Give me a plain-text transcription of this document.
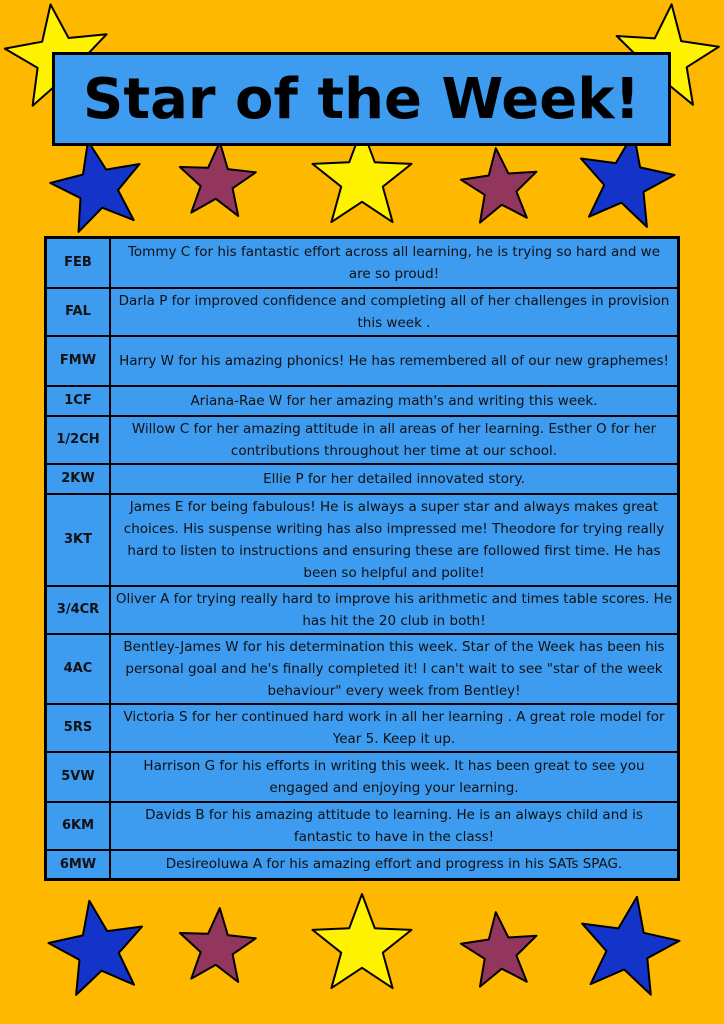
Star of the Week!
FEB	Tommy C for his fantastic effort across all learning, he is trying so hard and we are so proud!
FAL	Darla P for improved confidence and completing all of her challenges in provision this week .
FMW	Harry W for his amazing phonics! He has remembered all of our new graphemes!
1CF	Ariana-Rae W for her amazing math's and writing this week.
1/2CH	Willow C for her amazing attitude in all areas of her learning. Esther O for her contributions throughout her time at our school.
2KW	Ellie P for her detailed innovated story.
3KT	James E for being fabulous! He is always a super star and always makes great choices. His suspense writing has also impressed me! Theodore for trying really hard to listen to instructions and ensuring these are followed first time. He has been so helpful and polite!
3/4CR	Oliver A for trying really hard to improve his arithmetic and times table scores. He has hit the 20 club in both!
4AC	Bentley-James W for his determination this week. Star of the Week has been his personal goal and he's finally completed it! I can't wait to see "star of the week behaviour" every week from Bentley!
5RS	Victoria S for her continued hard work in all her learning . A great role model for Year 5. Keep it up.
5VW	Harrison G for his efforts in writing this week. It has been great to see you engaged and enjoying your learning.
6KM	Davids B for his amazing attitude to learning. He is an always child and is fantastic to have in the class!
6MW	Desireoluwa A for his amazing effort and progress in his SATs SPAG.
